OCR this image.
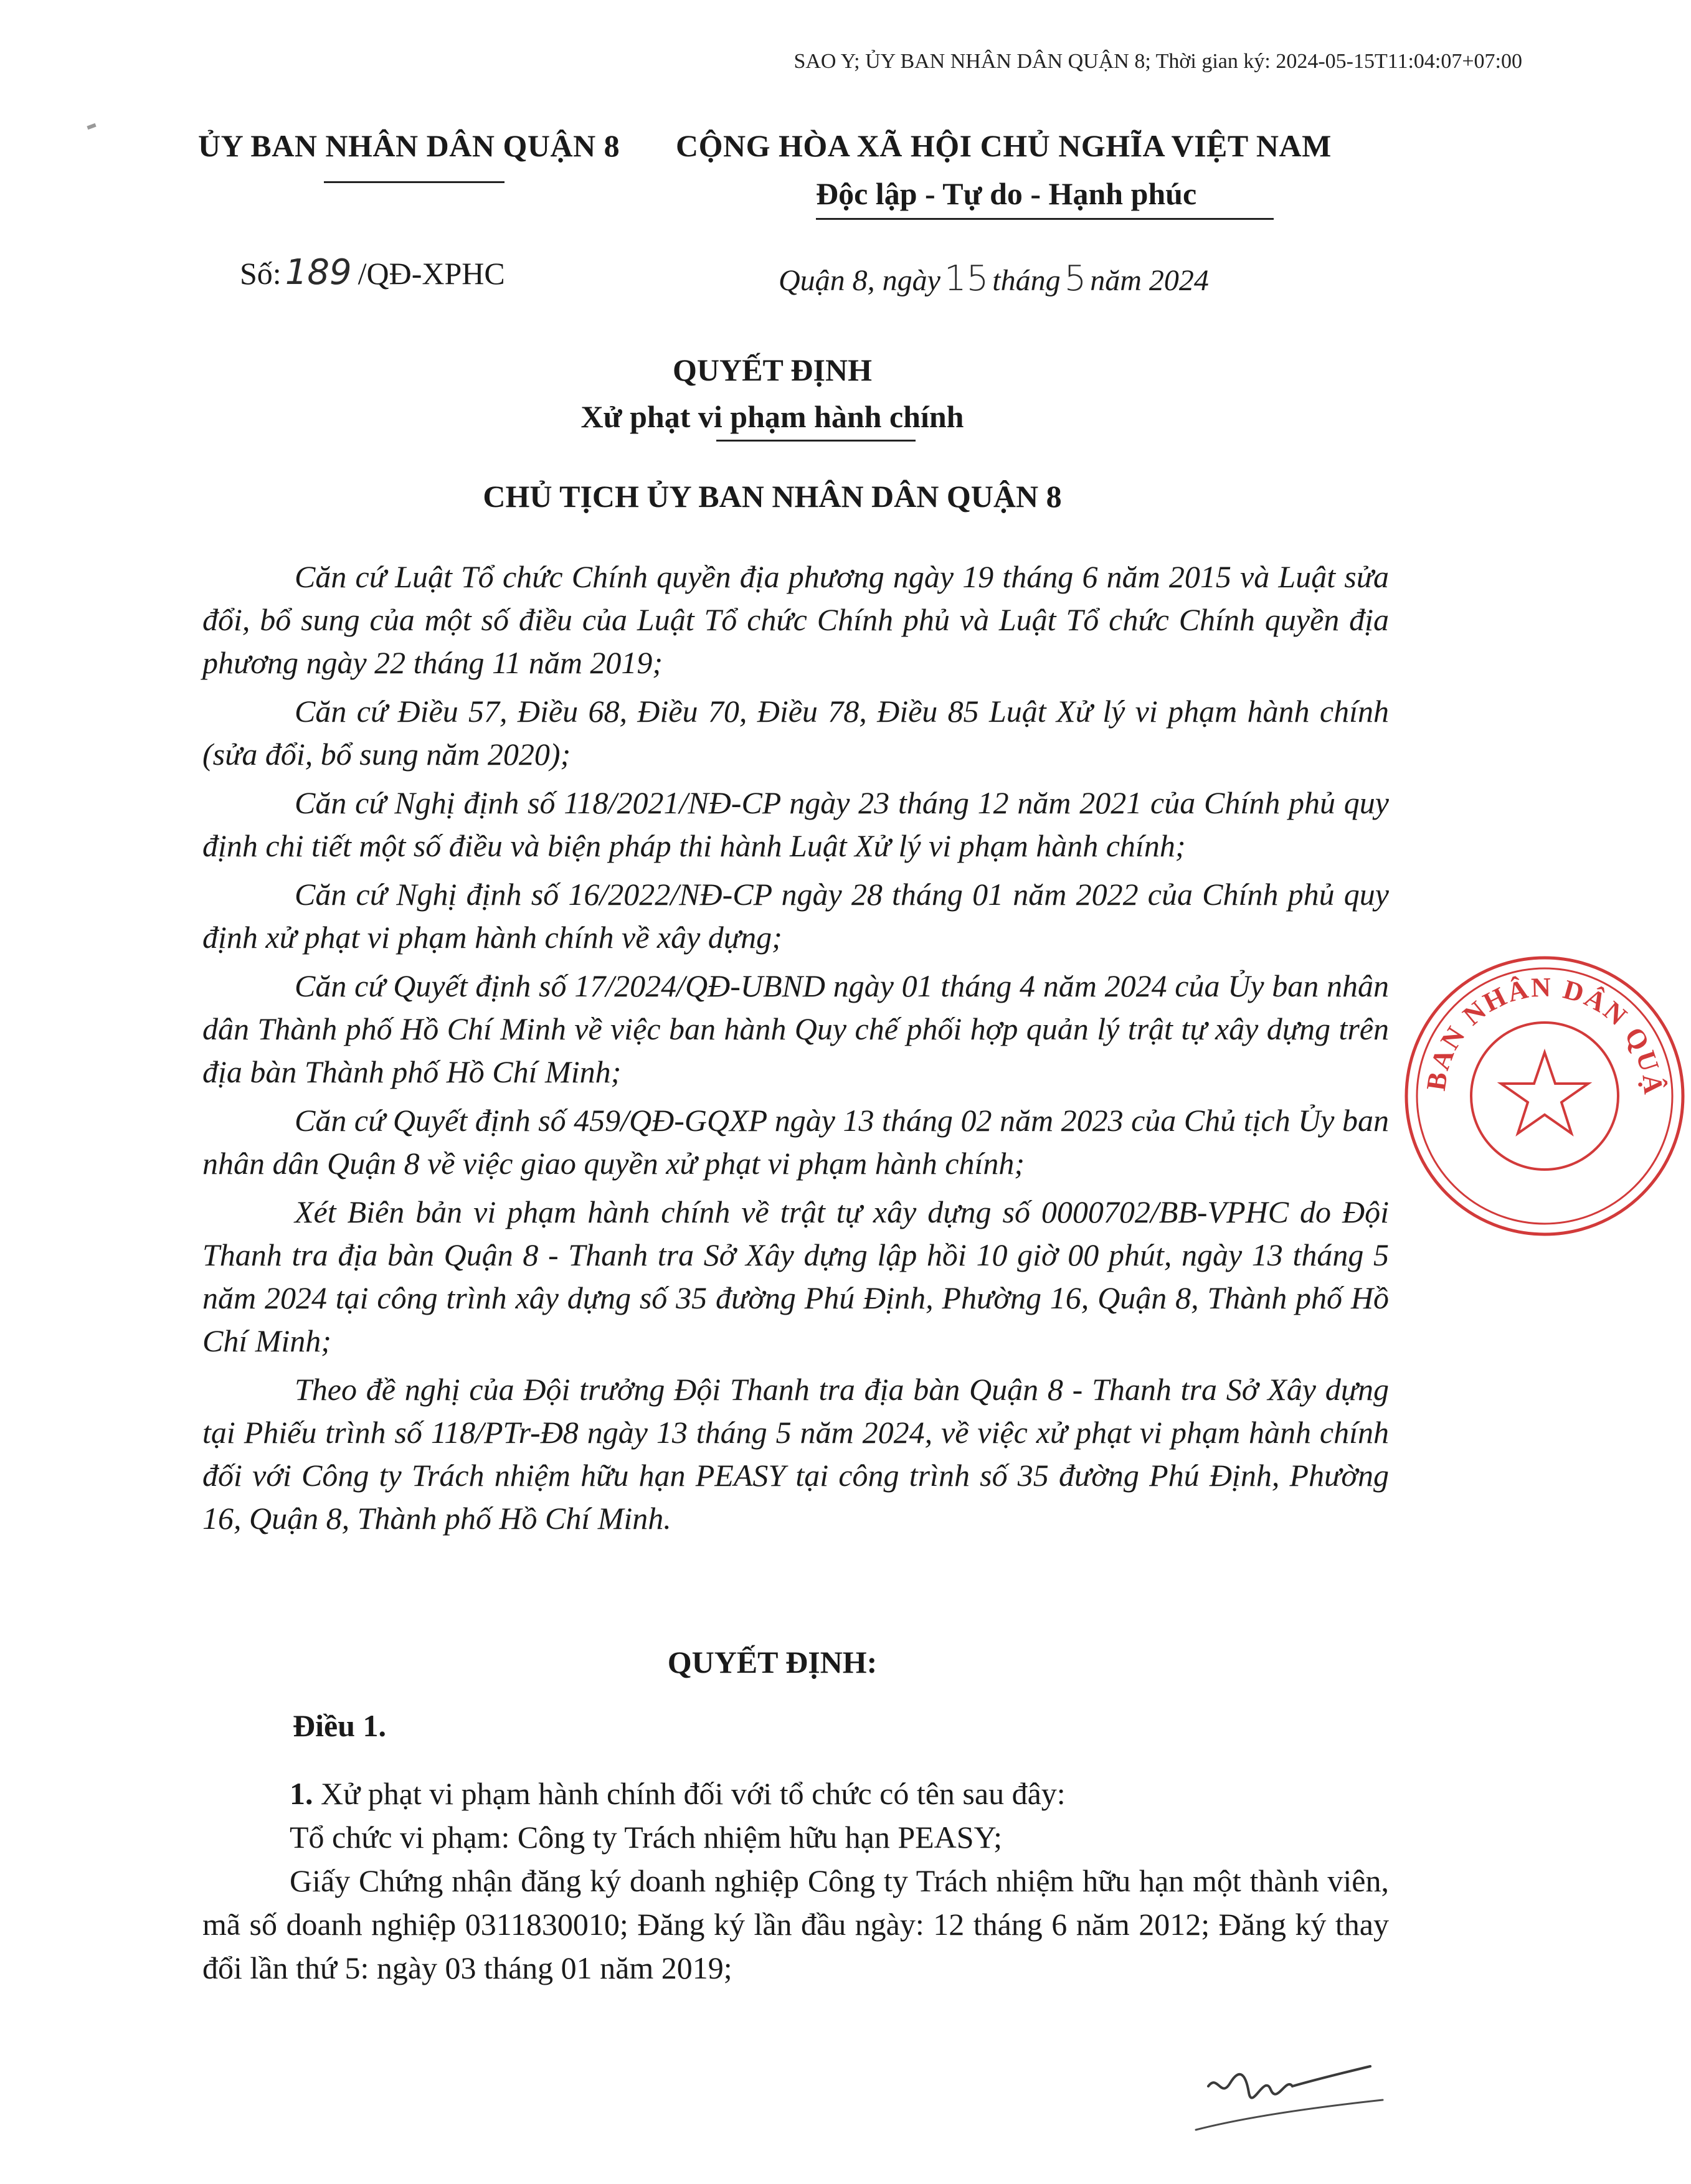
SAO Y; ỦY BAN NHÂN DÂN QUẬN 8; Thời gian ký: 2024-05-15T11:04:07+07:00
ỦY BAN NHÂN DÂN QUẬN 8 CỘNG HÒA XÃ HỘI CHỦ NGHĨA VIỆT NAM
Độc lập - Tự do - Hạnh phúc
Số: 189 /QĐ-XPHC	Quận 8, ngày 15 tháng 5 năm 2024
QUYẾT ĐỊNH
Xử phạt vi phạm hành chính
CHỦ TỊCH ỦY BAN NHÂN DÂN QUẬN 8

Căn cứ Luật Tổ chức Chính quyền địa phương ngày 19 tháng 6 năm 2015 và Luật sửa đổi, bổ sung của một số điều của Luật Tổ chức Chính phủ và Luật Tổ chức Chính quyền địa phương ngày 22 tháng 11 năm 2019;

Căn cứ Điều 57, Điều 68, Điều 70, Điều 78, Điều 85 Luật Xử lý vi phạm hành chính (sửa đổi, bổ sung năm 2020);

Căn cứ Nghị định số 118/2021/NĐ-CP ngày 23 tháng 12 năm 2021 của Chính phủ quy định chi tiết một số điều và biện pháp thi hành Luật Xử lý vi phạm hành chính;

Căn cứ Nghị định số 16/2022/NĐ-CP ngày 28 tháng 01 năm 2022 của Chính phủ quy định xử phạt vi phạm hành chính về xây dựng;

Căn cứ Quyết định số 17/2024/QĐ-UBND ngày 01 tháng 4 năm 2024 của Ủy ban nhân dân Thành phố Hồ Chí Minh về việc ban hành Quy chế phối hợp quản lý trật tự xây dựng trên địa bàn Thành phố Hồ Chí Minh;

Căn cứ Quyết định số 459/QĐ-GQXP ngày 13 tháng 02 năm 2023 của Chủ tịch Ủy ban nhân dân Quận 8 về việc giao quyền xử phạt vi phạm hành chính;

Xét Biên bản vi phạm hành chính về trật tự xây dựng số 0000702/BB-VPHC do Đội Thanh tra địa bàn Quận 8 - Thanh tra Sở Xây dựng lập hồi 10 giờ 00 phút, ngày 13 tháng 5 năm 2024 tại công trình xây dựng số 35 đường Phú Định, Phường 16, Quận 8, Thành phố Hồ Chí Minh;

Theo đề nghị của Đội trưởng Đội Thanh tra địa bàn Quận 8 - Thanh tra Sở Xây dựng tại Phiếu trình số 118/PTr-Đ8 ngày 13 tháng 5 năm 2024, về việc xử phạt vi phạm hành chính đối với Công ty Trách nhiệm hữu hạn PEASY tại công trình số 35 đường Phú Định, Phường 16, Quận 8, Thành phố Hồ Chí Minh.

QUYẾT ĐỊNH:
Điều 1.

1. Xử phạt vi phạm hành chính đối với tổ chức có tên sau đây:

Tổ chức vi phạm: Công ty Trách nhiệm hữu hạn PEASY;

Giấy Chứng nhận đăng ký doanh nghiệp Công ty Trách nhiệm hữu hạn một thành viên, mã số doanh nghiệp 0311830010; Đăng ký lần đầu ngày: 12 tháng 6 năm 2012; Đăng ký thay đổi lần thứ 5: ngày 03 tháng 01 năm 2019;

BAN NHÂN DÂN QUẬ
